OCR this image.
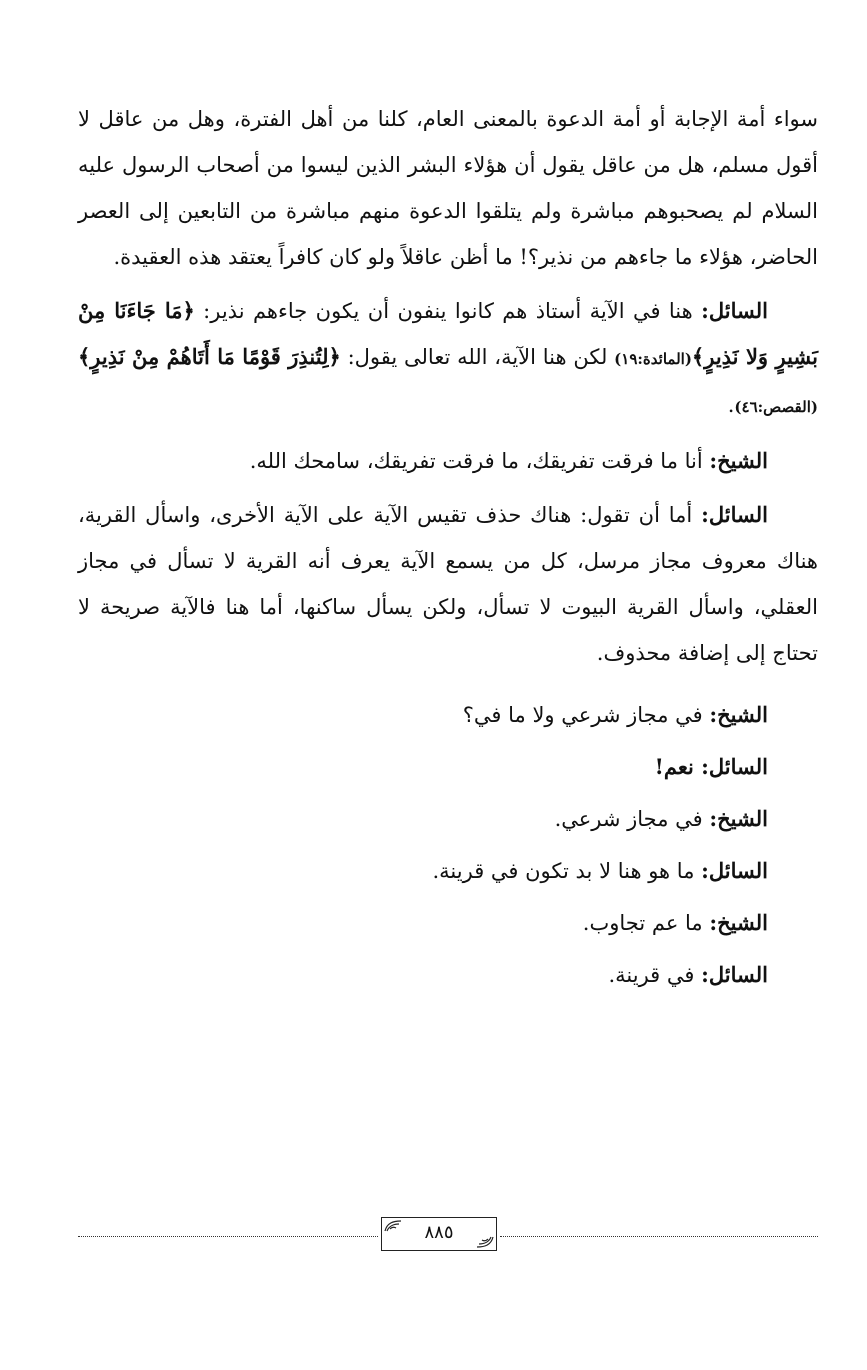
سواء أمة الإجابة أو أمة الدعوة بالمعنى العام، كلنا من أهل الفترة، وهل من عاقل لا أقول مسلم، هل من عاقل يقول أن هؤلاء البشر الذين ليسوا من أصحاب الرسول عليه السلام لم يصحبوهم مباشرة ولم يتلقوا الدعوة منهم مباشرة من التابعين إلى العصر الحاضر، هؤلاء ما جاءهم من نذير؟! ما أظن عاقلاً ولو كان كافراً يعتقد هذه العقيدة.

السائل: هنا في الآية أستاذ هم كانوا ينفون أن يكون جاءهم نذير: ﴿مَا جَاءَنَا مِنْ بَشِيرٍ وَلا نَذِيرٍ﴾(المائدة:١٩) لكن هنا الآية، الله تعالى يقول: ﴿لِتُنذِرَ قَوْمًا مَا أَتَاهُمْ مِنْ نَذِيرٍ﴾(القصص:٤٦).

الشيخ: أنا ما فرقت تفريقك، ما فرقت تفريقك، سامحك الله.

السائل: أما أن تقول: هناك حذف تقيس الآية على الآية الأخرى، واسأل القرية، هناك معروف مجاز مرسل، كل من يسمع الآية يعرف أنه القرية لا تسأل في مجاز العقلي، واسأل القرية البيوت لا تسأل، ولكن يسأل ساكنها، أما هنا فالآية صريحة لا تحتاج إلى إضافة محذوف.

الشيخ: في مجاز شرعي ولا ما في؟

السائل: نعم!

الشيخ: في مجاز شرعي.

السائل: ما هو هنا لا بد تكون في قرينة.

الشيخ: ما عم تجاوب.

السائل: في قرينة.

٨٨٥
